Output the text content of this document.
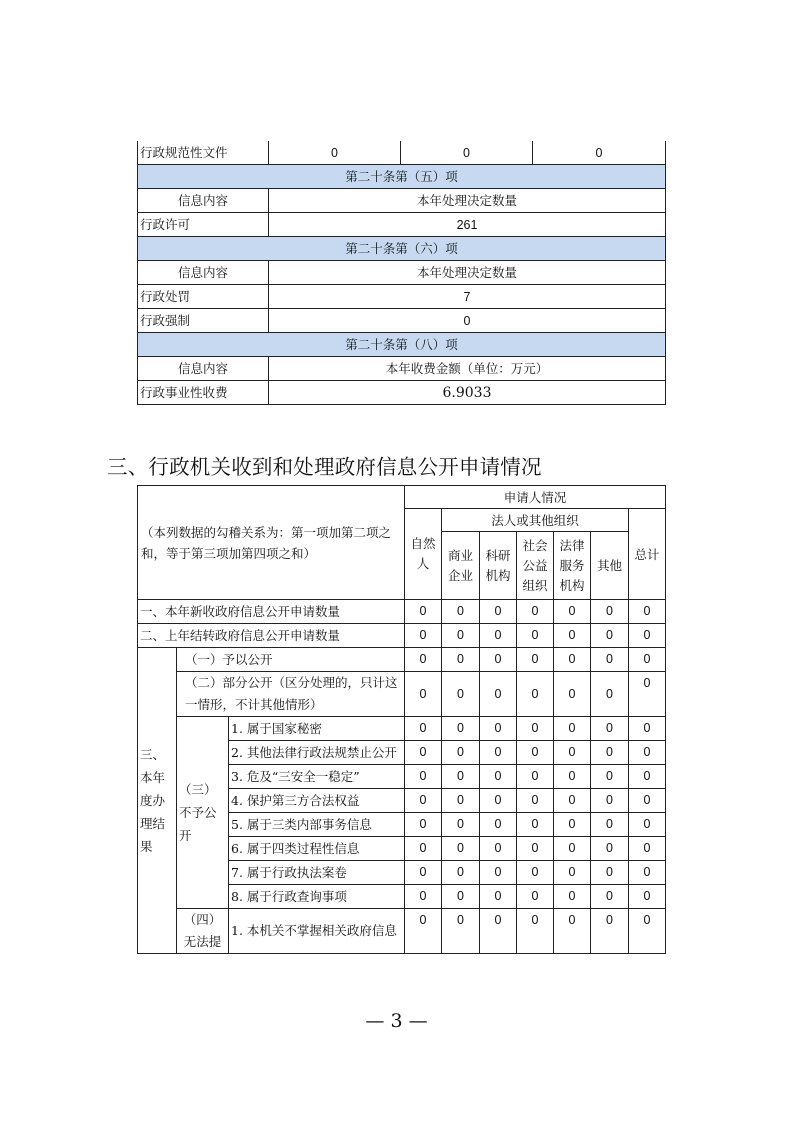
行政规范性文件	0	0	0
第二十条第（五）项			
信息内容	本年处理决定数量		
行政许可	261		
第二十条第（六）项			
信息内容	本年处理决定数量		
行政处罚	7		
行政强制	0		
第二十条第（八）项			
信息内容	本年收费金额（单位：万元）		
行政事业性收费	6.9033		
三、行政机关收到和处理政府信息公开申请情况
（本列数据的勾稽关系为：第一项加第二项之和，等于第三项加第四项之和）			申请人情况						
			自然人	法人或其他组织					总计
				商业企业	科研机构	社会公益组织	法律服务机构	其他	
一、本年新收政府信息公开申请数量			0	0	0	0	0	0	0
二、上年结转政府信息公开申请数量			0	0	0	0	0	0	0
三、本年度办理结果	（一）予以公开		0	0	0	0	0	0	0
	（二）部分公开（区分处理的，只计这一情形，不计其他情形）		0	0	0	0	0	0	0
	（三）不予公开	1. 属于国家秘密	0	0	0	0	0	0	0
		2. 其他法律行政法规禁止公开	0	0	0	0	0	0	0
		3. 危及“三安全一稳定”	0	0	0	0	0	0	0
		4. 保护第三方合法权益	0	0	0	0	0	0	0
		5. 属于三类内部事务信息	0	0	0	0	0	0	0
		6. 属于四类过程性信息	0	0	0	0	0	0	0
		7. 属于行政执法案卷	0	0	0	0	0	0	0
		8. 属于行政查询事项	0	0	0	0	0	0	0
	（四）无法提	1. 本机关不掌握相关政府信息	0	0	0	0	0	0	0
— 3 —
